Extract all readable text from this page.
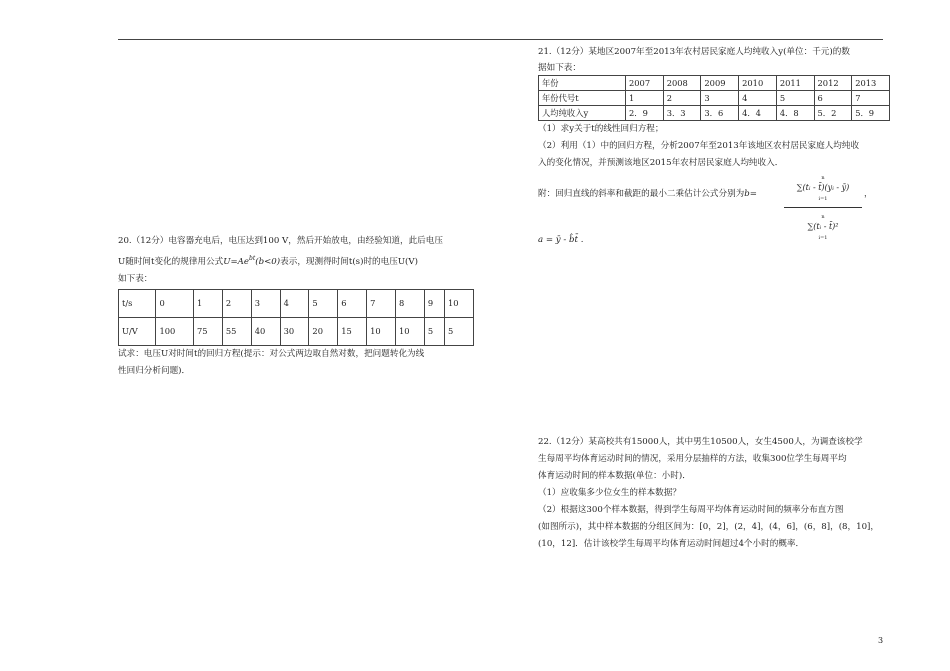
20.（12分）电容器充电后，电压达到100 V，然后开始放电，由经验知道，此后电压

U随时间t变化的规律用公式$U=Ae^{bt}(b<0)$表示，现测得时间t(s)时的电压U(V)

如下表：

t/s	0	1	2	3	4	5	6	7	8	9	10
U/V	100	75	55	40	30	20	15	10	10	5	5

试求：电压U对时间t的回归方程(提示：对公式两边取自然对数，把问题转化为线

性回归分析问题)．

21.（12分）某地区2007年至2013年农村居民家庭人均纯收入y(单位：千元)的数

据如下表：

年份	2007	2008	2009	2010	2011	2012	2013
年份代号t	1	2	3	4	5	6	7
人均纯收入y	2．9	3．3	3．6	4．4	4．8	5．2	5．9

（1）求y关于t的线性回归方程；

（2）利用（1）中的回归方程，分析2007年至2013年该地区农村居民家庭人均纯收

入的变化情况，并预测该地区2015年农村居民家庭人均纯收入．

附：回归直线的斜率和截距的最小二乘估计公式分别为b=
n
∑(tᵢ - t̄)(yᵢ - ȳ)
i=1
n
∑(tᵢ - t̄)²
i=1
，

a = ȳ - b̂t̄ .

22.（12分）某高校共有15000人，其中男生10500人，女生4500人，为调查该校学

生每周平均体育运动时间的情况，采用分层抽样的方法，收集300位学生每周平均

体育运动时间的样本数据(单位：小时)．

（1）应收集多少位女生的样本数据？

（2）根据这300个样本数据，得到学生每周平均体育运动时间的频率分布直方图

(如图所示)，其中样本数据的分组区间为：[0，2]，(2，4]，(4，6]，(6，8]，(8，10]，

(10，12]．估计该校学生每周平均体育运动时间超过4个小时的概率．

3
